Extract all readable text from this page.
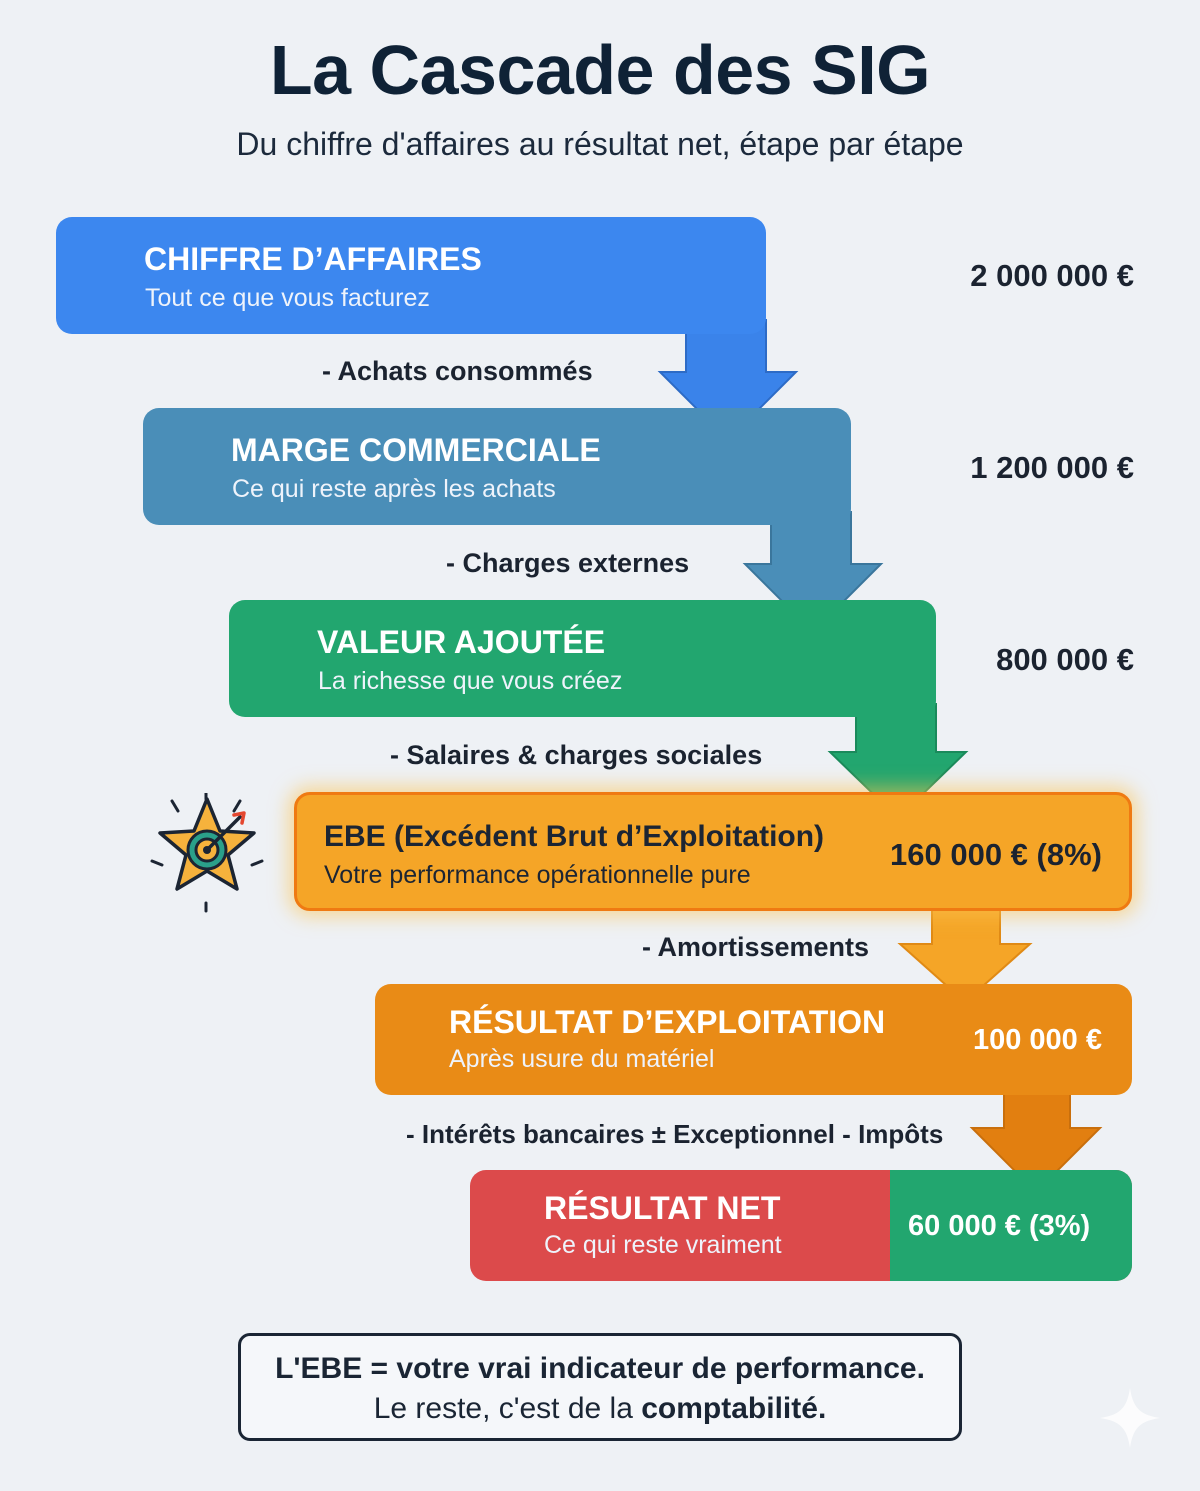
La Cascade des SIG
Du chiffre d'affaires au résultat net, étape par étape
CHIFFRE D’AFFAIRES
Tout ce que vous facturez
2 000 000 €
- Achats consommés
MARGE COMMERCIALE
Ce qui reste après les achats
1 200 000 €
- Charges externes
VALEUR AJOUTÉE
La richesse que vous créez
800 000 €
- Salaires & charges sociales
EBE (Excédent Brut d’Exploitation)
Votre performance opérationnelle pure
160 000 € (8%)
- Amortissements
RÉSULTAT D’EXPLOITATION
Après usure du matériel
100 000 €
- Intérêts bancaires ± Exceptionnel - Impôts
RÉSULTAT NET
Ce qui reste vraiment
60 000 € (3%)
L'EBE = votre vrai indicateur de performance.
Le reste, c'est de la comptabilité.
